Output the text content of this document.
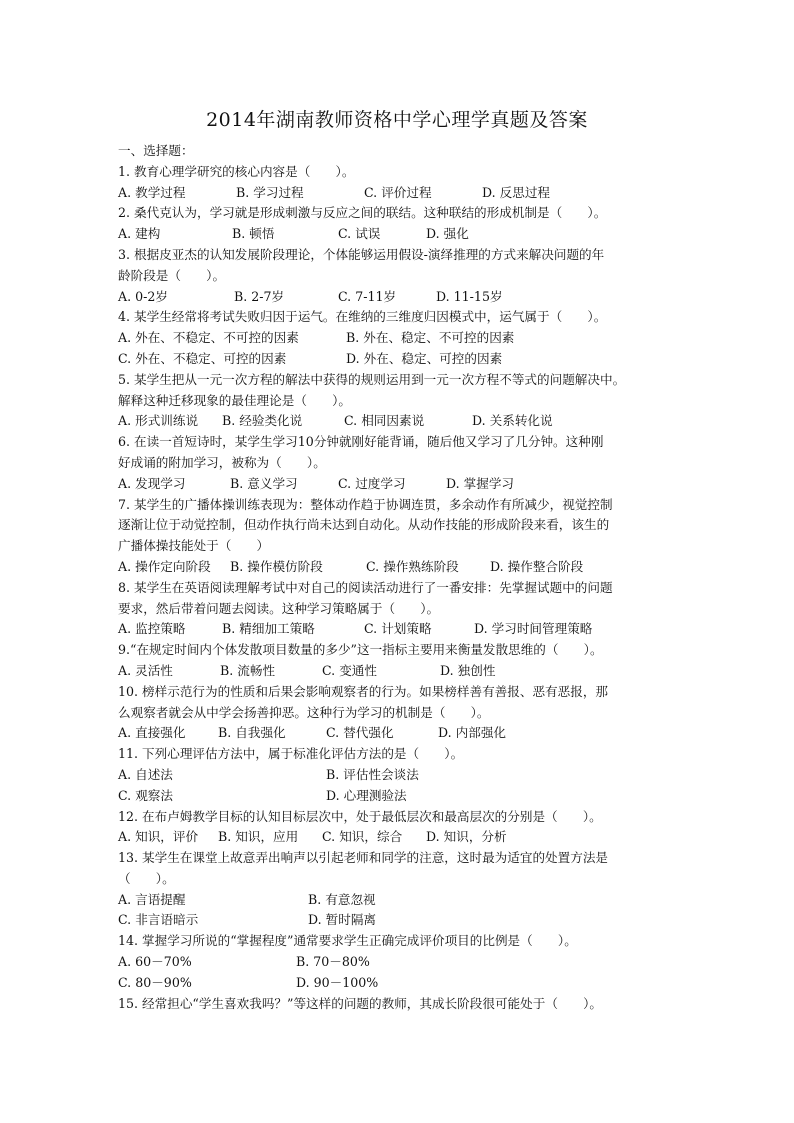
2014年湖南教师资格中学心理学真题及答案
一、选择题：
1. 教育心理学研究的核心内容是（　　）。
A. 教学过程	B. 学习过程	C. 评价过程	D. 反思过程
2. 桑代克认为，学习就是形成刺激与反应之间的联结。这种联结的形成机制是（　　）。
A. 建构	B. 顿悟	C. 试误	D. 强化
3. 根据皮亚杰的认知发展阶段理论，个体能够运用假设-演绎推理的方式来解决问题的年
龄阶段是（　　）。
A. 0-2岁	B. 2-7岁	C. 7-11岁	D. 11-15岁
4. 某学生经常将考试失败归因于运气。在维纳的三维度归因模式中，运气属于（　　）。
A. 外在、不稳定、不可控的因素	B. 外在、稳定、不可控的因素
C. 外在、不稳定、可控的因素	D. 外在、稳定、可控的因素
5. 某学生把从一元一次方程的解法中获得的规则运用到一元一次方程不等式的问题解决中。
解释这种迁移现象的最佳理论是（　　）。
A. 形式训练说	B. 经验类化说	C. 相同因素说	D. 关系转化说
6. 在读一首短诗时，某学生学习10分钟就刚好能背诵，随后他又学习了几分钟。这种刚
好成诵的附加学习，被称为（　　）。
A. 发现学习	B. 意义学习	C. 过度学习	D. 掌握学习
7. 某学生的广播体操训练表现为：整体动作趋于协调连贯，多余动作有所减少，视觉控制
逐渐让位于动觉控制，但动作执行尚未达到自动化。从动作技能的形成阶段来看，该生的
广播体操技能处于（　　）
A. 操作定向阶段	B. 操作模仿阶段	C. 操作熟练阶段	D. 操作整合阶段
8. 某学生在英语阅读理解考试中对自己的阅读活动进行了一番安排：先掌握试题中的问题
要求，然后带着问题去阅读。这种学习策略属于（　　）。
A. 监控策略	B. 精细加工策略	C. 计划策略	D. 学习时间管理策略
9.“在规定时间内个体发散项目数量的多少”这一指标主要用来衡量发散思维的（　　）。
A. 灵活性	B. 流畅性	C. 变通性	D. 独创性
10. 榜样示范行为的性质和后果会影响观察者的行为。如果榜样善有善报、恶有恶报，那
么观察者就会从中学会扬善抑恶。这种行为学习的机制是（　　）。
A. 直接强化	B. 自我强化	C. 替代强化	D. 内部强化
11. 下列心理评估方法中，属于标准化评估方法的是（　　）。
A. 自述法	B. 评估性会谈法
C. 观察法	D. 心理测验法
12. 在布卢姆教学目标的认知目标层次中，处于最低层次和最高层次的分别是（　　）。
A. 知识，评价	B. 知识，应用	C. 知识，综合	D. 知识，分析
13. 某学生在课堂上故意弄出响声以引起老师和同学的注意，这时最为适宜的处置方法是
（　　）。
A. 言语提醒	B. 有意忽视
C. 非言语暗示	D. 暂时隔离
14. 掌握学习所说的“掌握程度”通常要求学生正确完成评价项目的比例是（　　）。
A. 60－70%	B. 70－80%
C. 80－90%	D. 90－100%
15. 经常担心“学生喜欢我吗？”等这样的问题的教师，其成长阶段很可能处于（　　）。
